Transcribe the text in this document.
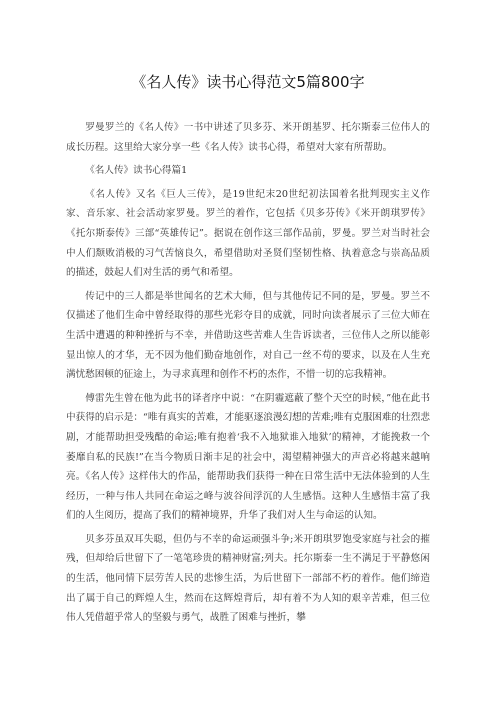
《名人传》读书心得范文5篇800字

罗曼罗兰的《名人传》一书中讲述了贝多芬、米开朗基罗、托尔斯泰三位伟人的成长历程。这里给大家分享一些《名人传》读书心得，希望对大家有所帮助。

《名人传》读书心得篇1

《名人传》又名《巨人三传》，是19世纪末20世纪初法国着名批判现实主义作家、音乐家、社会活动家罗曼。罗兰的着作，它包括《贝多芬传》《米开朗琪罗传》《托尔斯泰传》三部“英雄传记”。据说在创作这三部作品前，罗曼。罗兰对当时社会中人们颓败消极的习气苦恼良久，希望借助对圣贤们坚韧性格、执着意念与崇高品质的描述，鼓起人们对生活的勇气和希望。

传记中的三人都是举世闻名的艺术大师，但与其他传记不同的是，罗曼。罗兰不仅描述了他们生命中曾经取得的那些光彩夺目的成就，同时向读者展示了三位大师在生活中遭遇的种种挫折与不幸，并借助这些苦难人生告诉读者，三位伟人之所以能彰显出惊人的才华，无不因为他们勤奋地创作，对自己一丝不苟的要求，以及在人生充满忧愁困顿的征途上，为寻求真理和创作不朽的杰作，不惜一切的忘我精神。

傅雷先生曾在他为此书的译者序中说：“在阴霾遮蔽了整个天空的时候，”他在此书中获得的启示是：“唯有真实的苦难，才能驱逐浪漫幻想的苦难;唯有克服困难的壮烈悲剧，才能帮助担受残酷的命运;唯有抱着‘我不入地狱谁入地狱’的精神，才能挽救一个萎靡自私的民族!”在当今物质日渐丰足的社会中，渴望精神强大的声音必将越来越响亮。《名人传》这样伟大的作品，能帮助我们获得一种在日常生活中无法体验到的人生经历，一种与伟人共同在命运之峰与波谷间浮沉的人生感悟。这种人生感悟丰富了我们的人生阅历，提高了我们的精神境界，升华了我们对人生与命运的认知。

贝多芬虽双耳失聪，但仍与不幸的命运顽强斗争;米开朗琪罗饱受家庭与社会的摧残，但却给后世留下了一笔笔珍贵的精神财富;列夫。托尔斯泰一生不满足于平静悠闲的生活，他同情下层劳苦人民的悲惨生活，为后世留下一部部不朽的着作。他们缔造出了属于自己的辉煌人生，然而在这辉煌背后，却有着不为人知的艰辛苦难，但三位伟人凭借超乎常人的坚毅与勇气，战胜了困难与挫折，攀
